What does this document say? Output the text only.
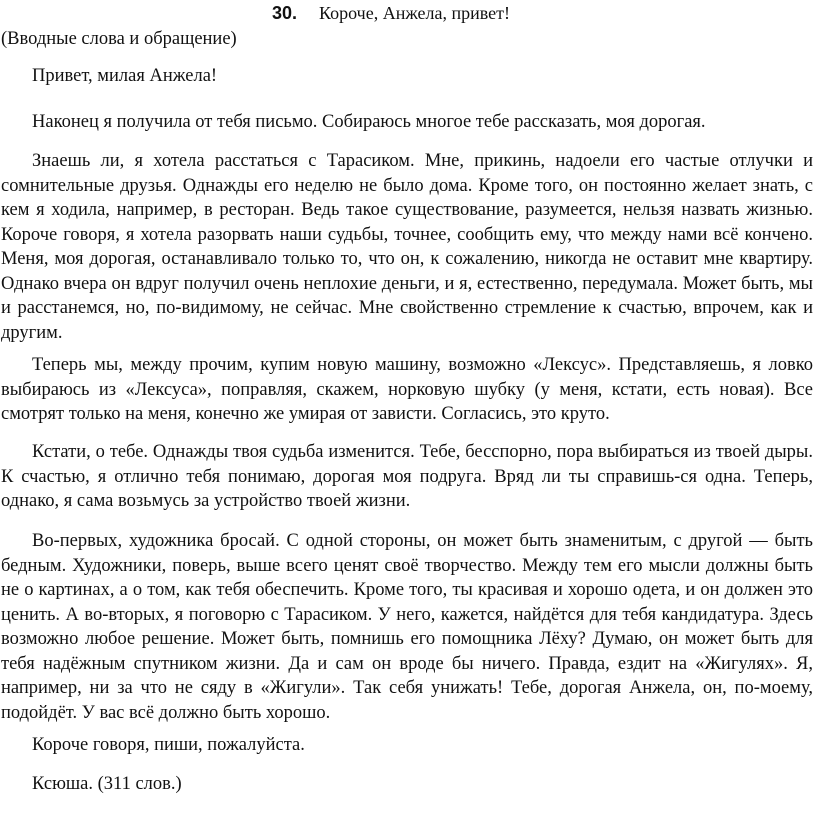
30. Короче, Анжела, привет!
(Вводные слова и обращение)

Привет, милая Анжела!

Наконец я получила от тебя письмо. Собираюсь многое тебе рассказать, моя дорогая.

Знаешь ли, я хотела расстаться с Тарасиком. Мне, прикинь, надоели его частые отлучки и сомнительные друзья. Однажды его неделю не было дома. Кроме того, он постоянно желает знать, с кем я ходила, например, в ресторан. Ведь такое существование, разумеется, нельзя назвать жизнью. Короче говоря, я хотела разорвать наши судьбы, точнее, сообщить ему, что между нами всё кончено. Меня, моя дорогая, останавливало только то, что он, к сожалению, никогда не оставит мне квартиру. Однако вчера он вдруг получил очень неплохие деньги, и я, естественно, передумала. Может быть, мы и расстанемся, но, по-видимому, не сейчас. Мне свойственно стремление к счастью, впрочем, как и другим.

Теперь мы, между прочим, купим новую машину, возможно «Лексус». Представляешь, я ловко выбираюсь из «Лексуса», поправляя, скажем, норковую шубку (у меня, кстати, есть новая). Все смотрят только на меня, конечно же умирая от зависти. Согласись, это круто.

Кстати, о тебе. Однажды твоя судьба изменится. Тебе, бесспорно, пора выбираться из твоей дыры. К счастью, я отлично тебя понимаю, дорогая моя подруга. Вряд ли ты справишь-ся одна. Теперь, однако, я сама возьмусь за устройство твоей жизни.

Во-первых, художника бросай. С одной стороны, он может быть знаменитым, с другой — быть бедным. Художники, поверь, выше всего ценят своё творчество. Между тем его мысли должны быть не о картинах, а о том, как тебя обеспечить. Кроме того, ты красивая и хорошо одета, и он должен это ценить. А во-вторых, я поговорю с Тарасиком. У него, кажется, найдётся для тебя кандидатура. Здесь возможно любое решение. Может быть, помнишь его помощника Лёху? Думаю, он может быть для тебя надёжным спутником жизни. Да и сам он вроде бы ничего. Правда, ездит на «Жигулях». Я, например, ни за что не сяду в «Жигули». Так себя унижать! Тебе, дорогая Анжела, он, по-моему, подойдёт. У вас всё должно быть хорошо.

Короче говоря, пиши, пожалуйста.

Ксюша. (311 слов.)
